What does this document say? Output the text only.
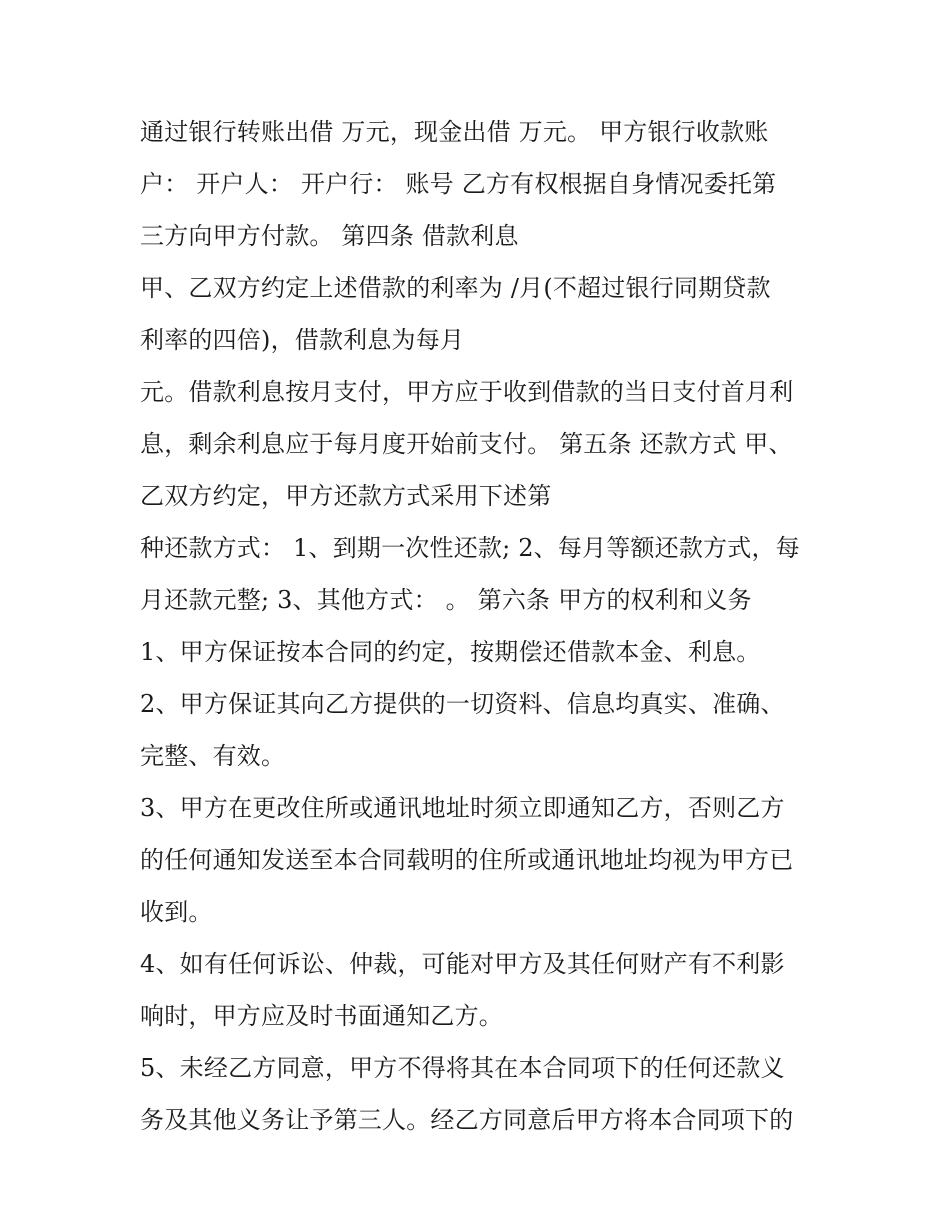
通过银行转账出借 万元，现金出借 万元。 甲方银行收款账
户： 开户人： 开户行： 账号 乙方有权根据自身情况委托第
三方向甲方付款。 第四条 借款利息
甲、乙双方约定上述借款的利率为 /月(不超过银行同期贷款
利率的四倍)，借款利息为每月
元。借款利息按月支付，甲方应于收到借款的当日支付首月利
息，剩余利息应于每月度开始前支付。 第五条 还款方式 甲、
乙双方约定，甲方还款方式采用下述第
种还款方式： 1、到期一次性还款; 2、每月等额还款方式，每
月还款元整; 3、其他方式： 。 第六条 甲方的权利和义务
1、甲方保证按本合同的约定，按期偿还借款本金、利息。
2、甲方保证其向乙方提供的一切资料、信息均真实、准确、
完整、有效。
3、甲方在更改住所或通讯地址时须立即通知乙方，否则乙方
的任何通知发送至本合同载明的住所或通讯地址均视为甲方已
收到。
4、如有任何诉讼、仲裁，可能对甲方及其任何财产有不利影
响时，甲方应及时书面通知乙方。
5、未经乙方同意，甲方不得将其在本合同项下的任何还款义
务及其他义务让予第三人。经乙方同意后甲方将本合同项下的
